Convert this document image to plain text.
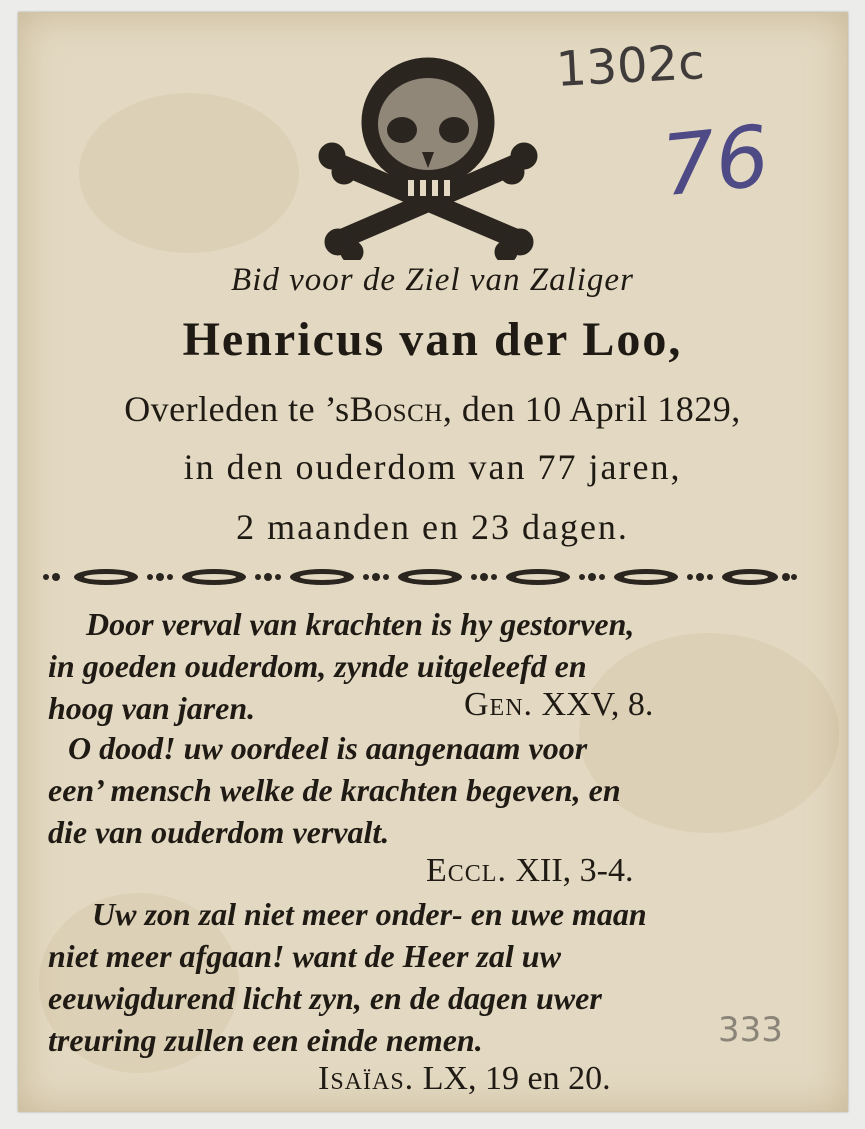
1302c
76
333
Bid voor de Ziel van Zaliger
Henricus van der Loo,
Overleden te ’sBosch, den 10 April 1829,
in den ouderdom van 77 jaren,
2 maanden en 23 dagen.
Door verval van krachten is hy gestorven,
in goeden ouderdom, zynde uitgeleefd en
hoog van jaren.	Gen. XXV, 8.
O dood! uw oordeel is aangenaam voor
een’ mensch welke de krachten begeven, en
die van ouderdom vervalt.
Eccl. XII, 3-4.
Uw zon zal niet meer onder- en uwe maan
niet meer afgaan! want de Heer zal uw
eeuwigdurend licht zyn, en de dagen uwer
treuring zullen een einde nemen.
Isaïas. LX, 19 en 20.
